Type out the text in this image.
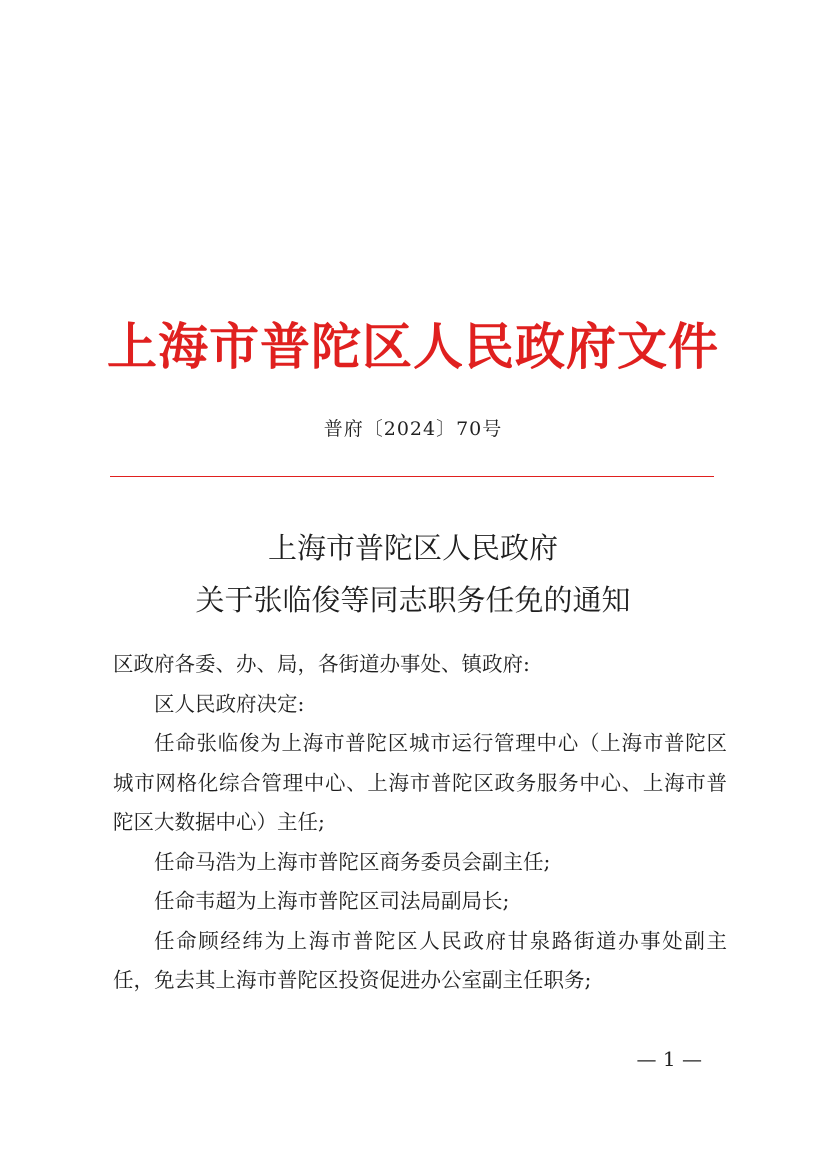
上海市普陀区人民政府文件
普府〔2024〕70号
上海市普陀区人民政府
关于张临俊等同志职务任免的通知

区政府各委、办、局，各街道办事处、镇政府:

区人民政府决定:

任命张临俊为上海市普陀区城市运行管理中心（上海市普陀区城市网格化综合管理中心、上海市普陀区政务服务中心、上海市普陀区大数据中心）主任;

任命马浩为上海市普陀区商务委员会副主任;

任命韦超为上海市普陀区司法局副局长;

任命顾经纬为上海市普陀区人民政府甘泉路街道办事处副主任，免去其上海市普陀区投资促进办公室副主任职务;

— 1 —
